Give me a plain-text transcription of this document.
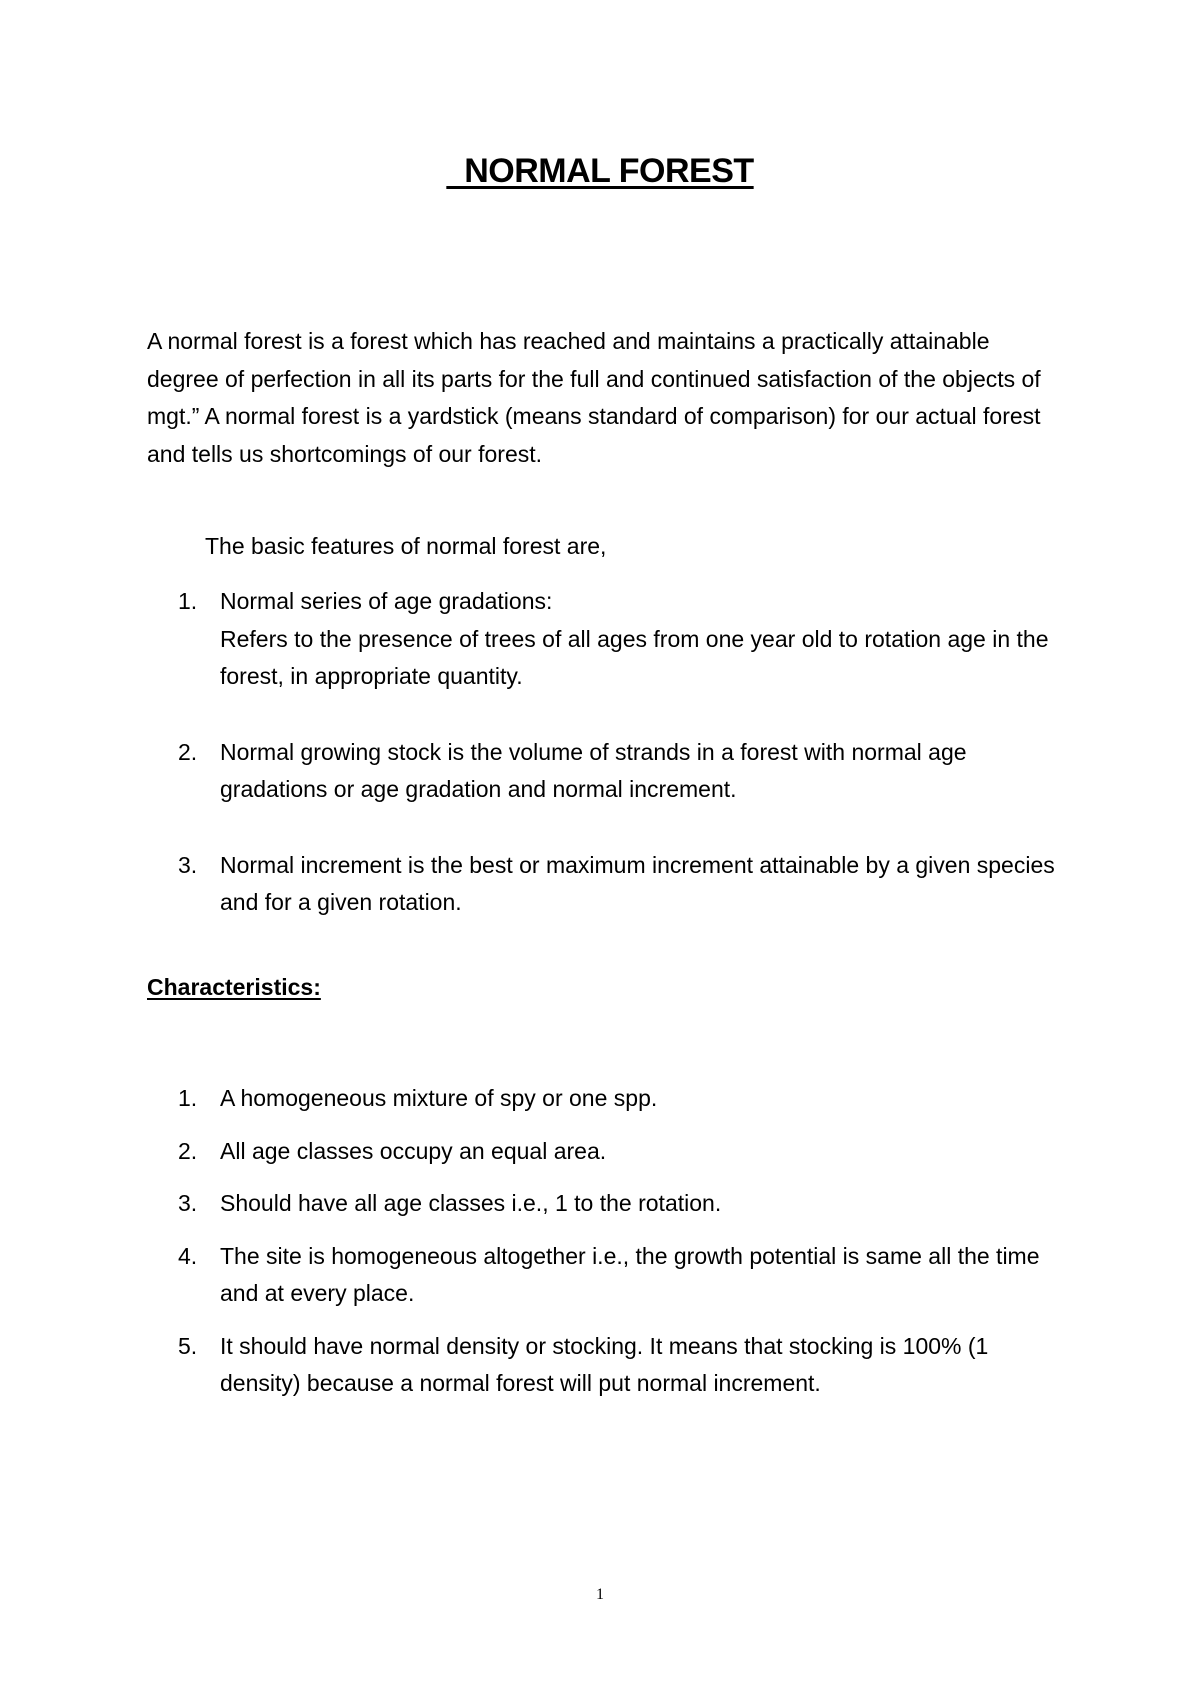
NORMAL FOREST
A normal forest is a forest which has reached and maintains a practically attainable degree of perfection in all its parts for the full and continued satisfaction of the objects of mgt.” A normal forest is a yardstick (means standard of comparison) for our actual forest and tells us shortcomings of our forest.
The basic features of normal forest are,
1. Normal series of age gradations:
Refers to the presence of trees of all ages from one year old to rotation age in the forest, in appropriate quantity.
2. Normal growing stock is the volume of strands in a forest with normal age gradations or age gradation and normal increment.
3. Normal increment is the best or maximum increment attainable by a given species and for a given rotation.
Characteristics:
1. A homogeneous mixture of spy or one spp.
2. All age classes occupy an equal area.
3. Should have all age classes i.e., 1 to the rotation.
4. The site is homogeneous altogether i.e., the growth potential is same all the time and at every place.
5. It should have normal density or stocking. It means that stocking is 100% (1 density) because a normal forest will put normal increment.
1
